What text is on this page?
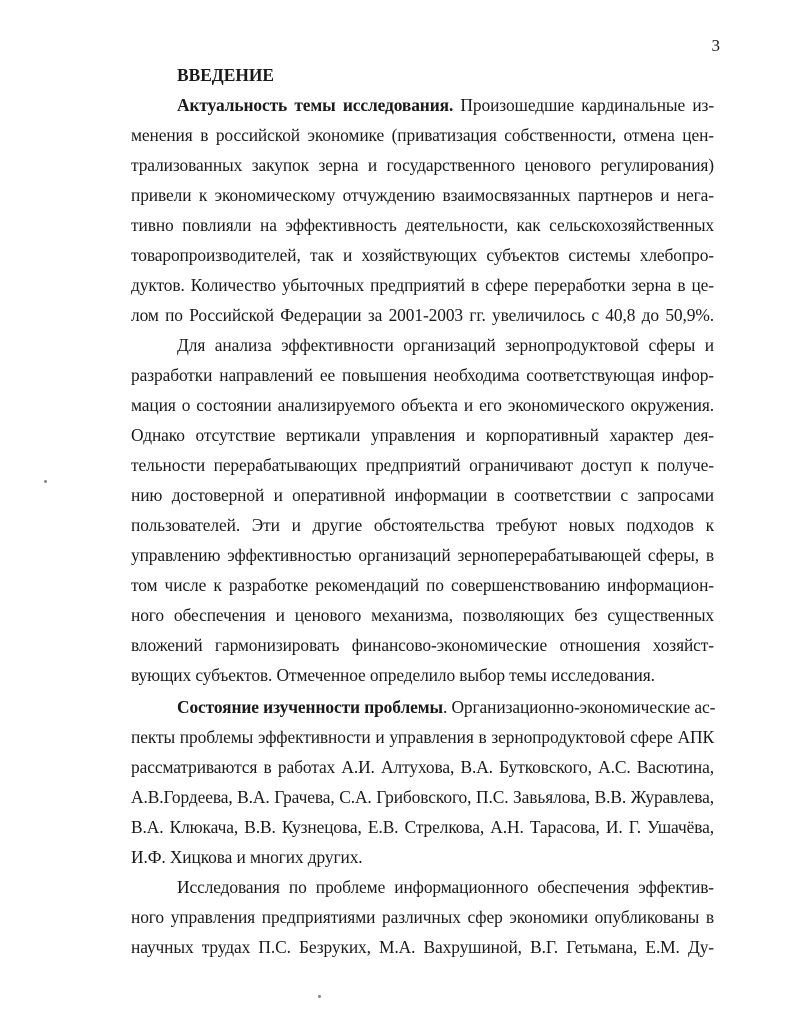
3
ВВЕДЕНИЕ
Актуальность темы исследования. Произошедшие кардинальные из-
менения в российской экономике (приватизация собственности, отмена цен-
трализованных закупок зерна и государственного ценового регулирования)
привели к экономическому отчуждению взаимосвязанных партнеров и нега-
тивно повлияли на эффективность деятельности, как сельскохозяйственных
товаропроизводителей, так и хозяйствующих субъектов системы хлебопро-
дуктов. Количество убыточных предприятий в сфере переработки зерна в це-
лом по Российской Федерации за 2001-2003 гг. увеличилось с 40,8 до 50,9%.
Для анализа эффективности организаций зернопродуктовой сферы и
разработки направлений ее повышения необходима соответствующая инфор-
мация о состоянии анализируемого объекта и его экономического окружения.
Однако отсутствие вертикали управления и корпоративный характер дея-
тельности перерабатывающих предприятий ограничивают доступ к получе-
нию достоверной и оперативной информации в соответствии с запросами
пользователей. Эти и другие обстоятельства требуют новых подходов к
управлению эффективностью организаций зерноперерабатывающей сферы, в
том числе к разработке рекомендаций по совершенствованию информацион-
ного обеспечения и ценового механизма, позволяющих без существенных
вложений гармонизировать финансово-экономические отношения хозяйст-
вующих субъектов. Отмеченное определило выбор темы исследования.
Состояние изученности проблемы. Организационно-экономические ас-
пекты проблемы эффективности и управления в зернопродуктовой сфере АПК
рассматриваются в работах А.И. Алтухова, В.А. Бутковского, А.С. Васютина,
А.В.Гордеева, В.А. Грачева, С.А. Грибовского, П.С. Завьялова, В.В. Журавлева,
В.А. Клюкача, В.В. Кузнецова, Е.В. Стрелкова, А.Н. Тарасова, И. Г. Ушачёва,
И.Ф. Хицкова и многих других.
Исследования по проблеме информационного обеспечения эффектив-
ного управления предприятиями различных сфер экономики опубликованы в
научных трудах П.С. Безруких, М.А. Вахрушиной, В.Г. Гетьмана, Е.М. Ду-
